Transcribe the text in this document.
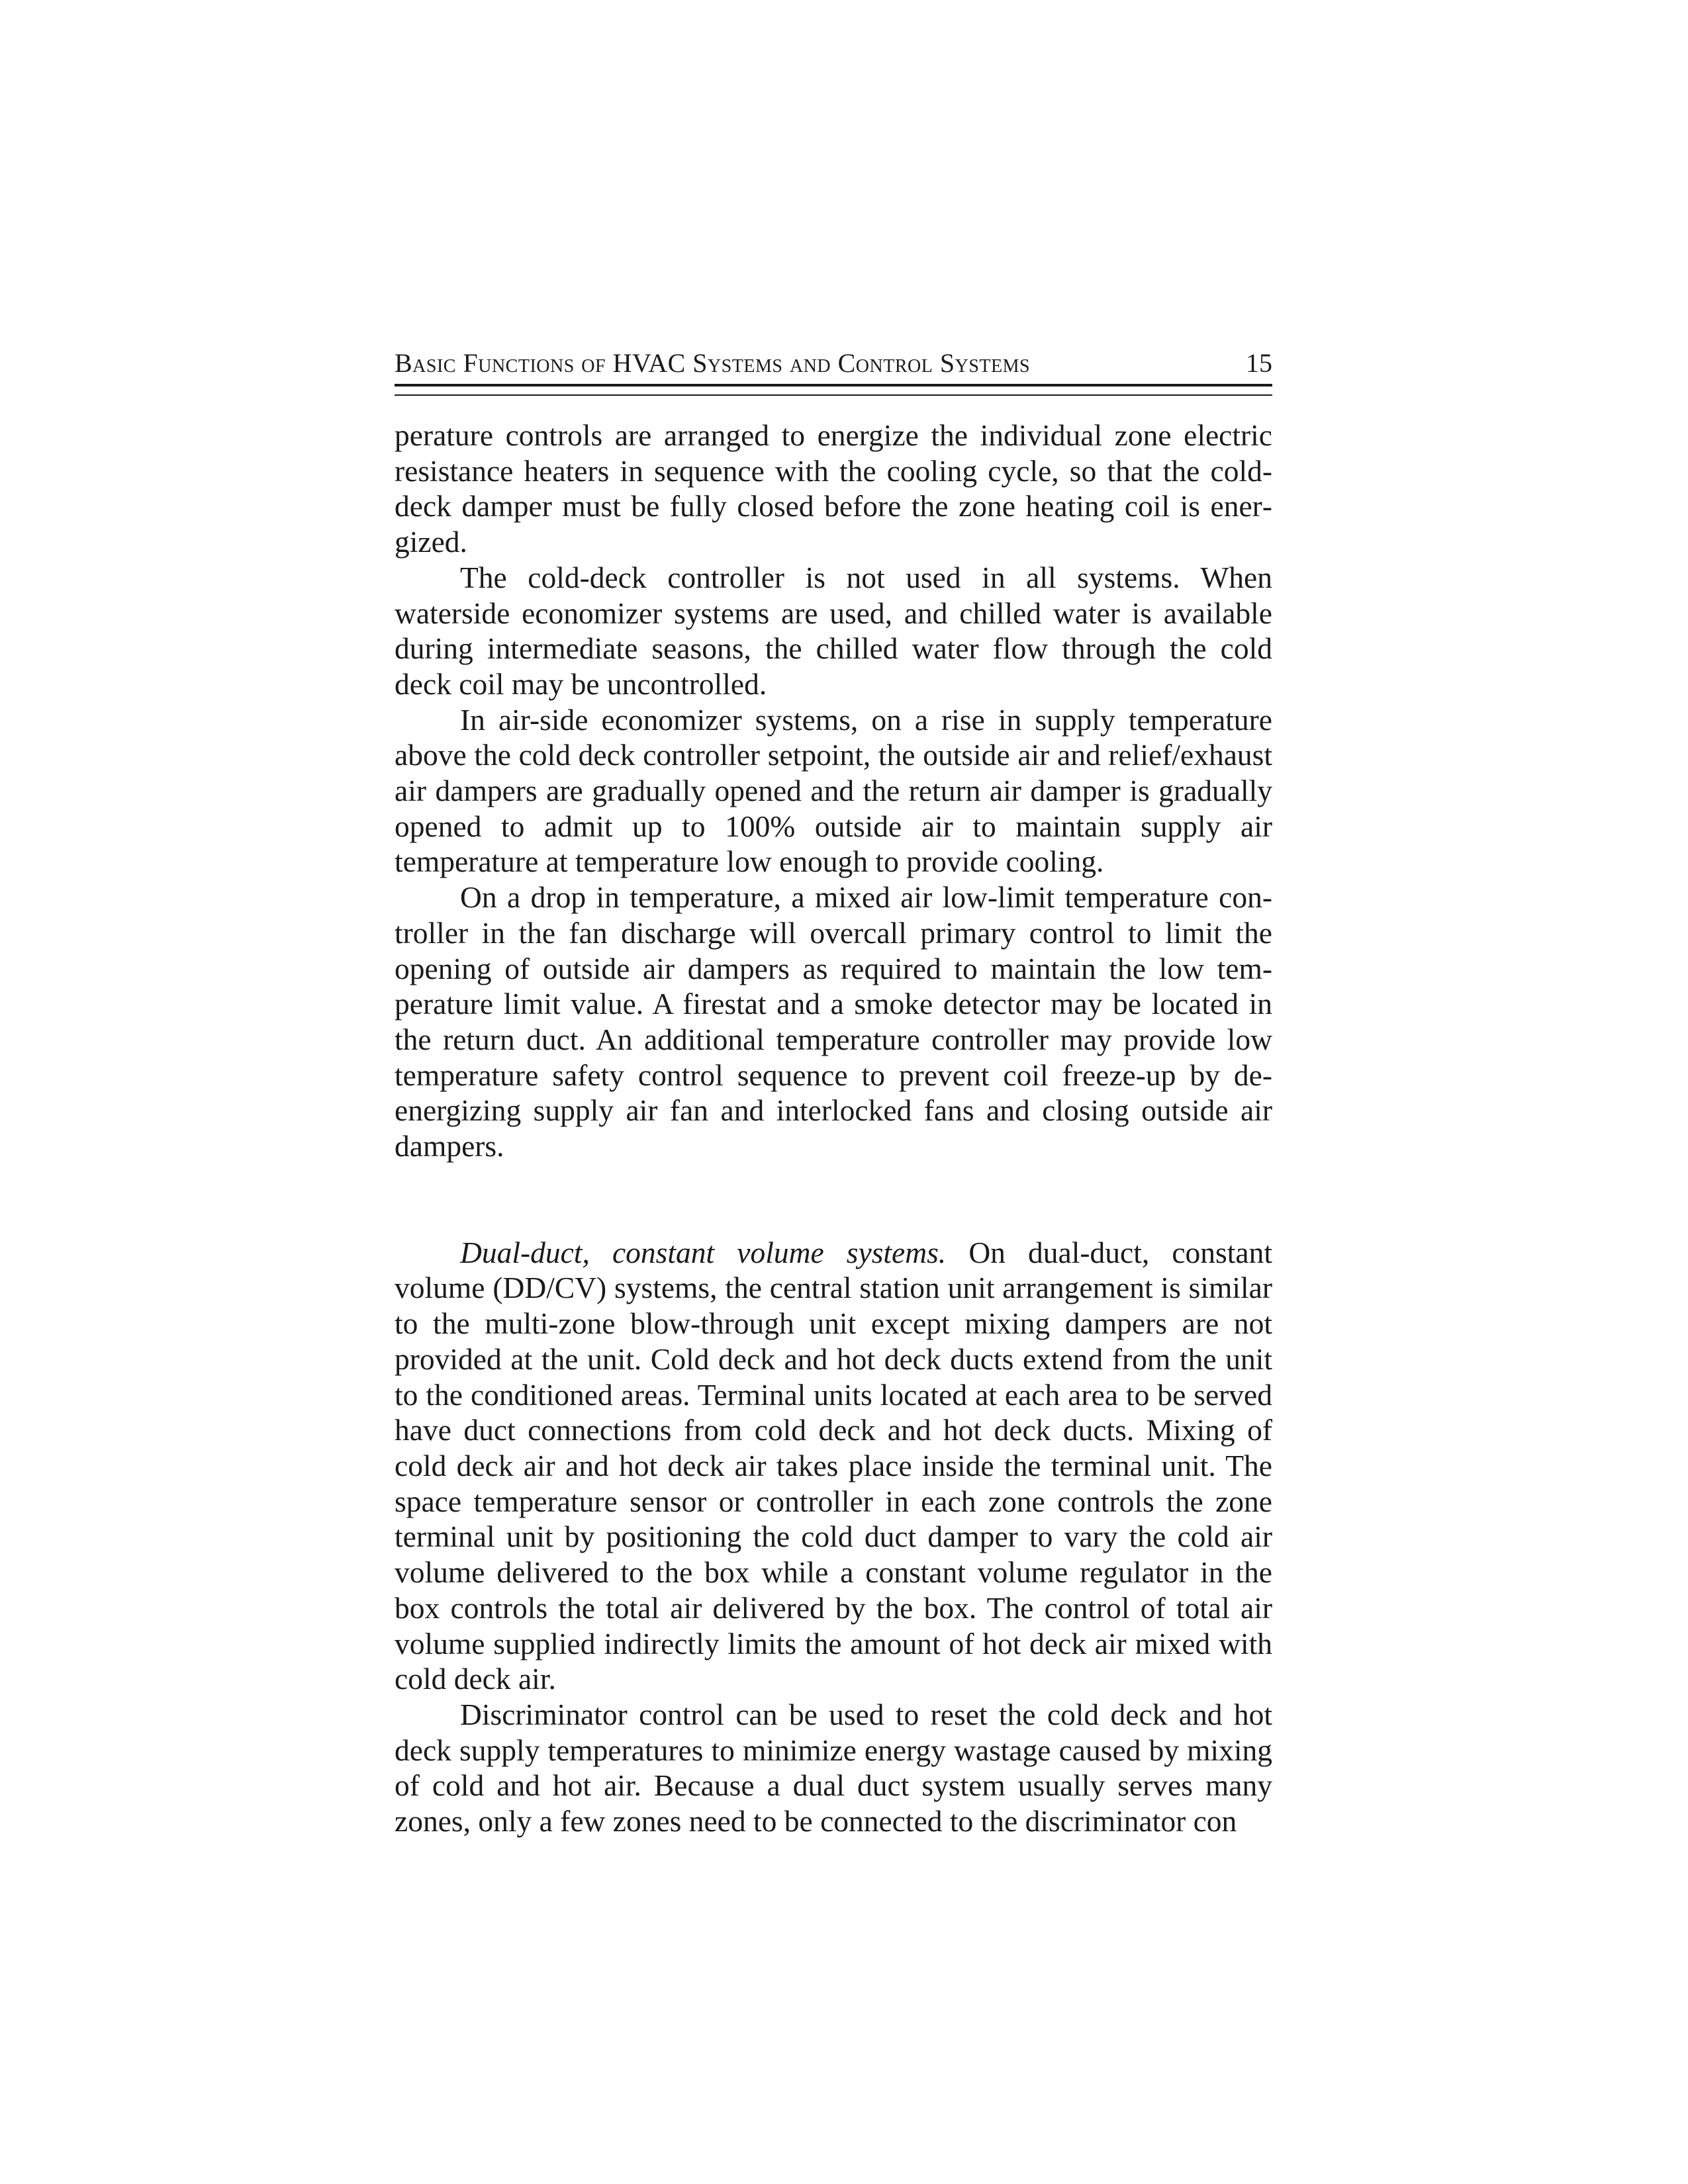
Basic Functions of HVAC Systems and Control Systems	15

perature controls are arranged to energize the individual zone electric resistance heaters in sequence with the cooling cycle, so that the cold-deck damper must be fully closed before the zone heating coil is energized.

The cold-deck controller is not used in all systems. When waterside economizer systems are used, and chilled water is available during intermediate seasons, the chilled water flow through the cold deck coil may be uncontrolled.

In air-side economizer systems, on a rise in supply temperature above the cold deck controller setpoint, the outside air and relief/exhaust air dampers are gradually opened and the return air damper is gradually opened to admit up to 100% outside air to maintain supply air temperature at temperature low enough to provide cooling.

On a drop in temperature, a mixed air low-limit temperature controller in the fan discharge will overcall primary control to limit the opening of outside air dampers as required to maintain the low temperature limit value. A firestat and a smoke detector may be located in the return duct. An additional temperature controller may provide low temperature safety control sequence to prevent coil freeze-up by deenergizing supply air fan and interlocked fans and closing outside air dampers.

Dual-duct, constant volume systems. On dual-duct, constant volume (DD/CV) systems, the central station unit arrangement is similar to the multi-zone blow-through unit except mixing dampers are not provided at the unit. Cold deck and hot deck ducts extend from the unit to the conditioned areas. Terminal units located at each area to be served have duct connections from cold deck and hot deck ducts. Mixing of cold deck air and hot deck air takes place inside the terminal unit. The space temperature sensor or controller in each zone controls the zone terminal unit by positioning the cold duct damper to vary the cold air volume delivered to the box while a constant volume regulator in the box controls the total air delivered by the box. The control of total air volume supplied indirectly limits the amount of hot deck air mixed with cold deck air.

Discriminator control can be used to reset the cold deck and hot deck supply temperatures to minimize energy wastage caused by mixing of cold and hot air. Because a dual duct system usually serves many zones, only a few zones need to be connected to the discriminator con
